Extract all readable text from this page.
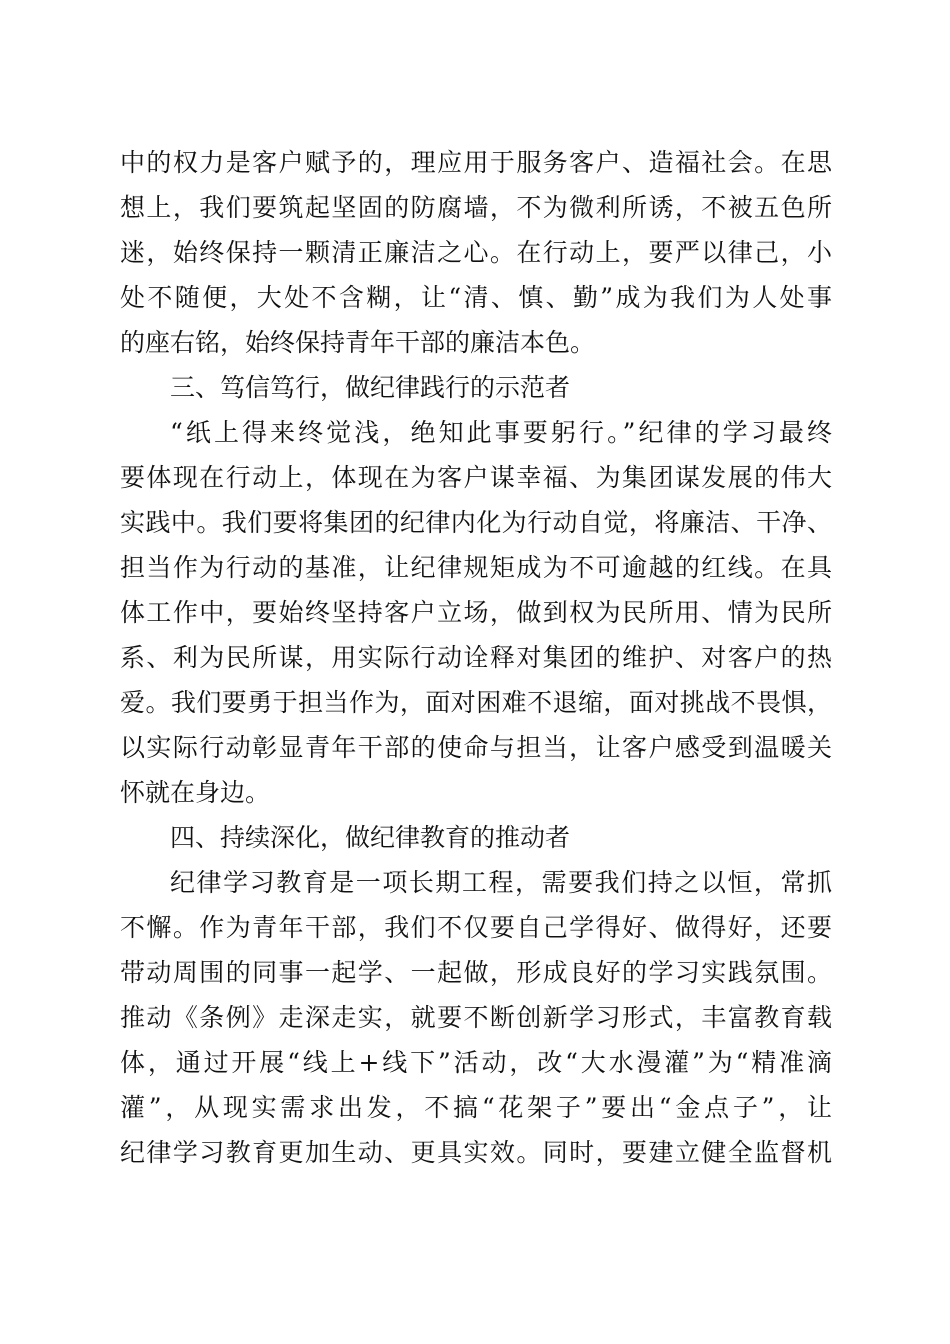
中的权力是客户赋予的，理应用于服务客户、造福社会。在思
想上，我们要筑起坚固的防腐墙，不为微利所诱，不被五色所
迷，始终保持一颗清正廉洁之心。在行动上，要严以律己，小
处不随便，大处不含糊，让“清、慎、勤”成为我们为人处事
的座右铭，始终保持青年干部的廉洁本色。
三、笃信笃行，做纪律践行的示范者
“纸上得来终觉浅，绝知此事要躬行。”纪律的学习最终
要体现在行动上，体现在为客户谋幸福、为集团谋发展的伟大
实践中。我们要将集团的纪律内化为行动自觉，将廉洁、干净、
担当作为行动的基准，让纪律规矩成为不可逾越的红线。在具
体工作中，要始终坚持客户立场，做到权为民所用、情为民所
系、利为民所谋，用实际行动诠释对集团的维护、对客户的热
爱。我们要勇于担当作为，面对困难不退缩，面对挑战不畏惧，
以实际行动彰显青年干部的使命与担当，让客户感受到温暖关
怀就在身边。
四、持续深化，做纪律教育的推动者
纪律学习教育是一项长期工程，需要我们持之以恒，常抓
不懈。作为青年干部，我们不仅要自己学得好、做得好，还要
带动周围的同事一起学、一起做，形成良好的学习实践氛围。
推动《条例》走深走实，就要不断创新学习形式，丰富教育载
体，通过开展“线上+线下”活动，改“大水漫灌”为“精准滴
灌”，从现实需求出发，不搞“花架子”要出“金点子”，让
纪律学习教育更加生动、更具实效。同时，要建立健全监督机
